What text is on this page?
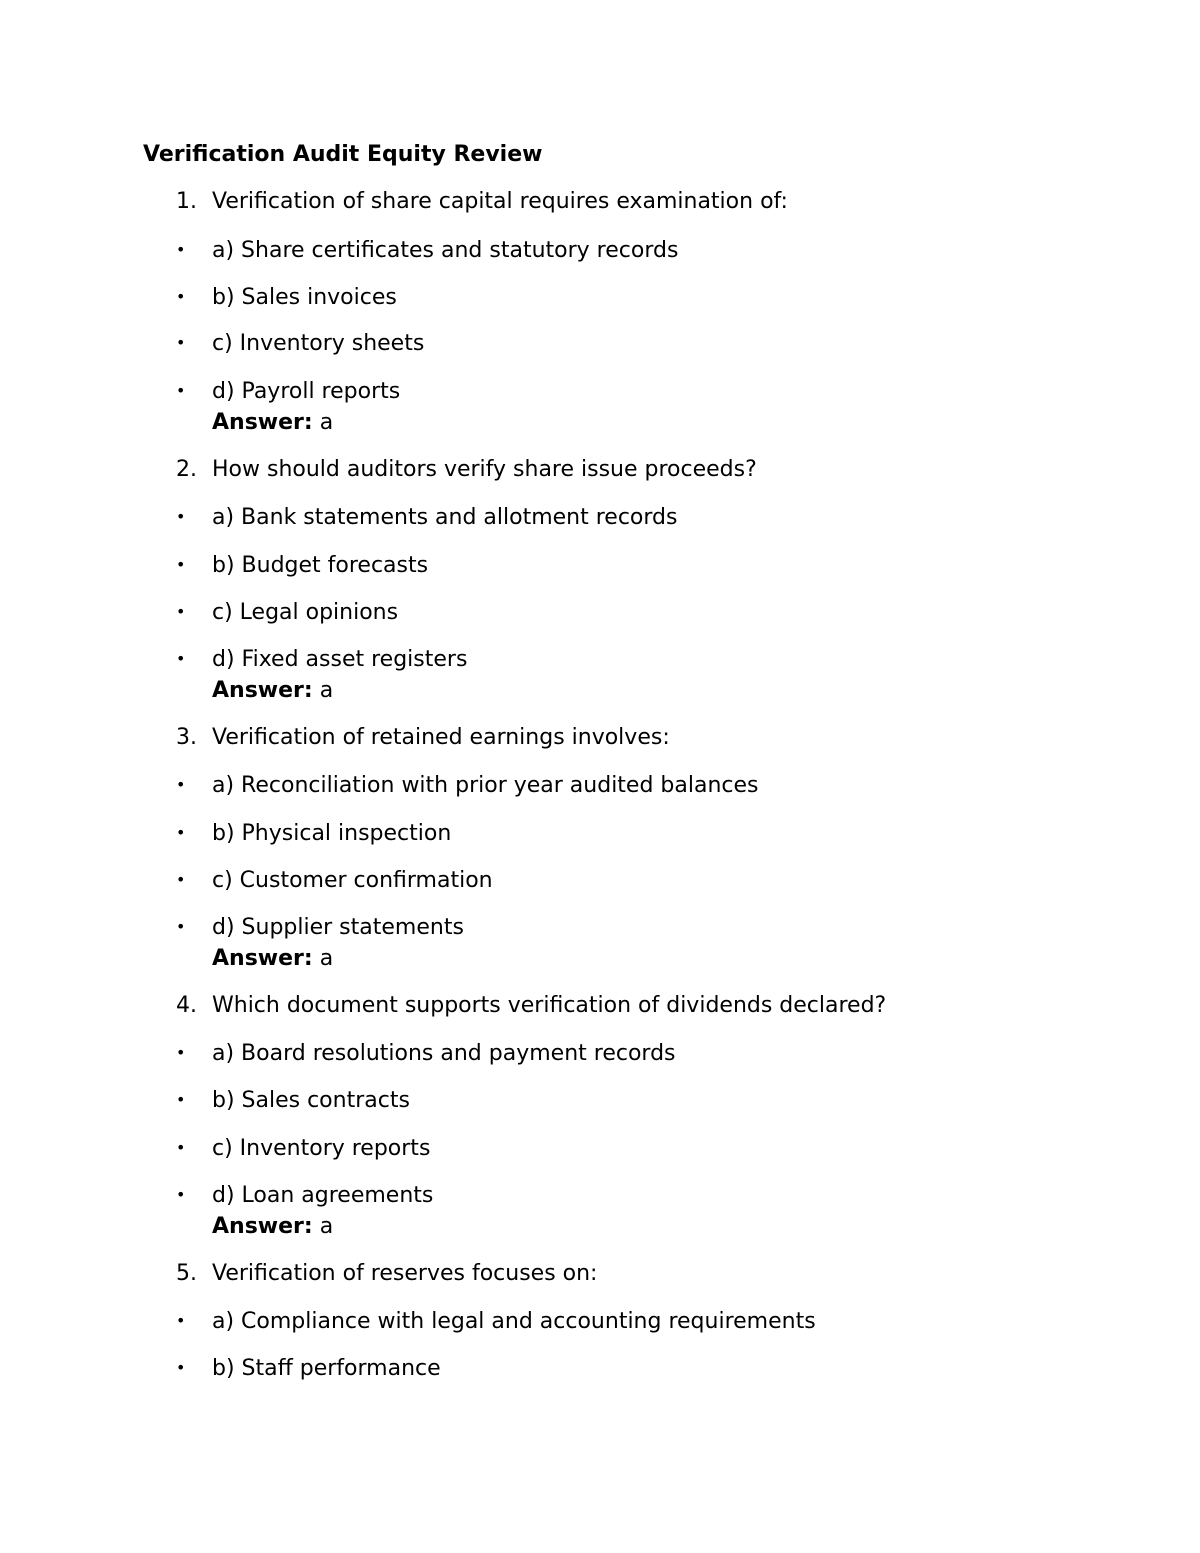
Verification Audit Equity Review
1. Verification of share capital requires examination of:
• a) Share certificates and statutory records
• b) Sales invoices
• c) Inventory sheets
• d) Payroll reports
Answer: a
2. How should auditors verify share issue proceeds?
• a) Bank statements and allotment records
• b) Budget forecasts
• c) Legal opinions
• d) Fixed asset registers
Answer: a
3. Verification of retained earnings involves:
• a) Reconciliation with prior year audited balances
• b) Physical inspection
• c) Customer confirmation
• d) Supplier statements
Answer: a
4. Which document supports verification of dividends declared?
• a) Board resolutions and payment records
• b) Sales contracts
• c) Inventory reports
• d) Loan agreements
Answer: a
5. Verification of reserves focuses on:
• a) Compliance with legal and accounting requirements
• b) Staff performance
